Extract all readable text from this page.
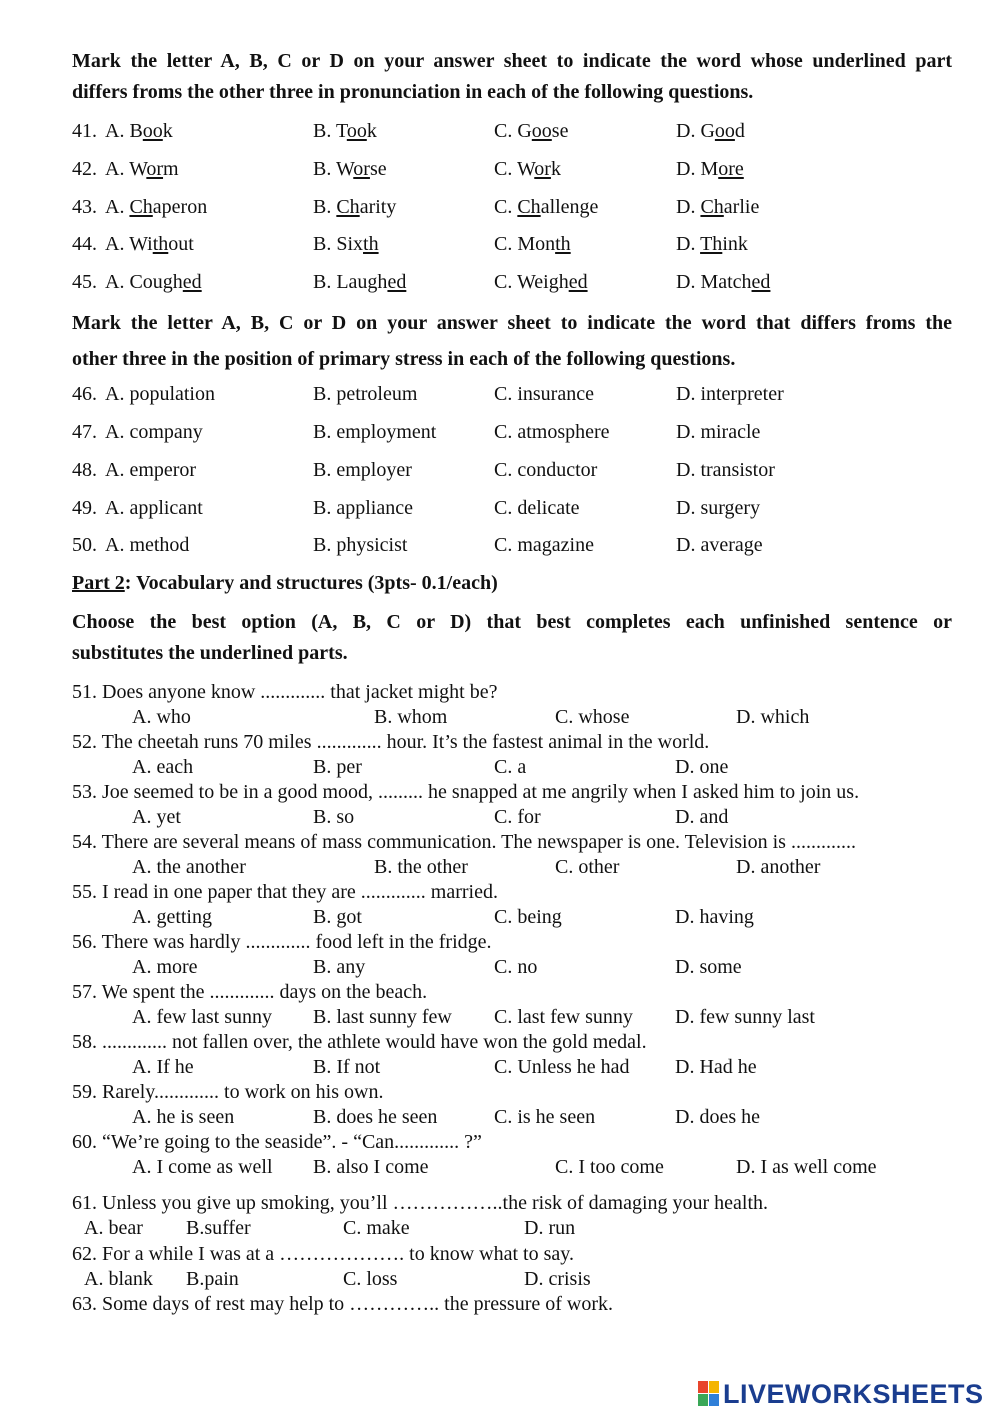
Mark the letter A, B, C or D on your answer sheet to indicate the word whose underlined part
differs froms the other three in pronunciation in each of the following questions.
41. A. Book	B. Took	C. Goose	D. Good
42. A. Worm	B. Worse	C. Work	D. More
43. A. Chaperon	B. Charity	C. Challenge	D. Charlie
44. A. Without	B. Sixth	C. Month	D. Think
45. A. Coughed	B. Laughed	C. Weighed	D. Matched
Mark the letter A, B, C or D on your answer sheet to indicate the word that differs froms the
other three in the position of primary stress in each of the following questions.
46. A. population	B. petroleum	C. insurance	D. interpreter
47. A. company	B. employment	C. atmosphere	D. miracle
48. A. emperor	B. employer	C. conductor	D. transistor
49. A. applicant	B. appliance	C. delicate	D. surgery
50. A. method	B. physicist	C. magazine	D. average
Part 2: Vocabulary and structures (3pts- 0.1/each)
Choose the best option (A, B, C or D) that best completes each unfinished sentence or
substitutes the underlined parts.
51. Does anyone know ............. that jacket might be?
A. who	B. whom	C. whose	D. which
52. The cheetah runs 70 miles ............. hour. It’s the fastest animal in the world.
A. each	B. per	C. a	D. one
53. Joe seemed to be in a good mood, ......... he snapped at me angrily when I asked him to join us.
A. yet	B. so	C. for	D. and
54. There are several means of mass communication. The newspaper is one. Television is .............
A. the another	B. the other	C. other	D. another
55. I read in one paper that they are ............. married.
A. getting	B. got	C. being	D. having
56. There was hardly ............. food left in the fridge.
A. more	B. any	C. no	D. some
57. We spent the ............. days on the beach.
A. few last sunny B. last sunny few C. last few sunny D. few sunny last
58. ............. not fallen over, the athlete would have won the gold medal.
A. If he	B. If not	C. Unless he had D. Had he
59. Rarely............. to work on his own.
A. he is seen	B. does he seen	C. is he seen	D. does he
60. “We’re going to the seaside”. - “Can............. ?”
A. I come as well B. also I come	C. I too come	D. I as well come
61. Unless you give up smoking, you’ll ……………..the risk of damaging your health.
A. bear B.suffer	C. make	D. run
62. For a while I was at a ………………. to know what to say.
A. blank B.pain	C. loss	D. crisis
63. Some days of rest may help to ………….. the pressure of work.
LIVEWORKSHEETS
